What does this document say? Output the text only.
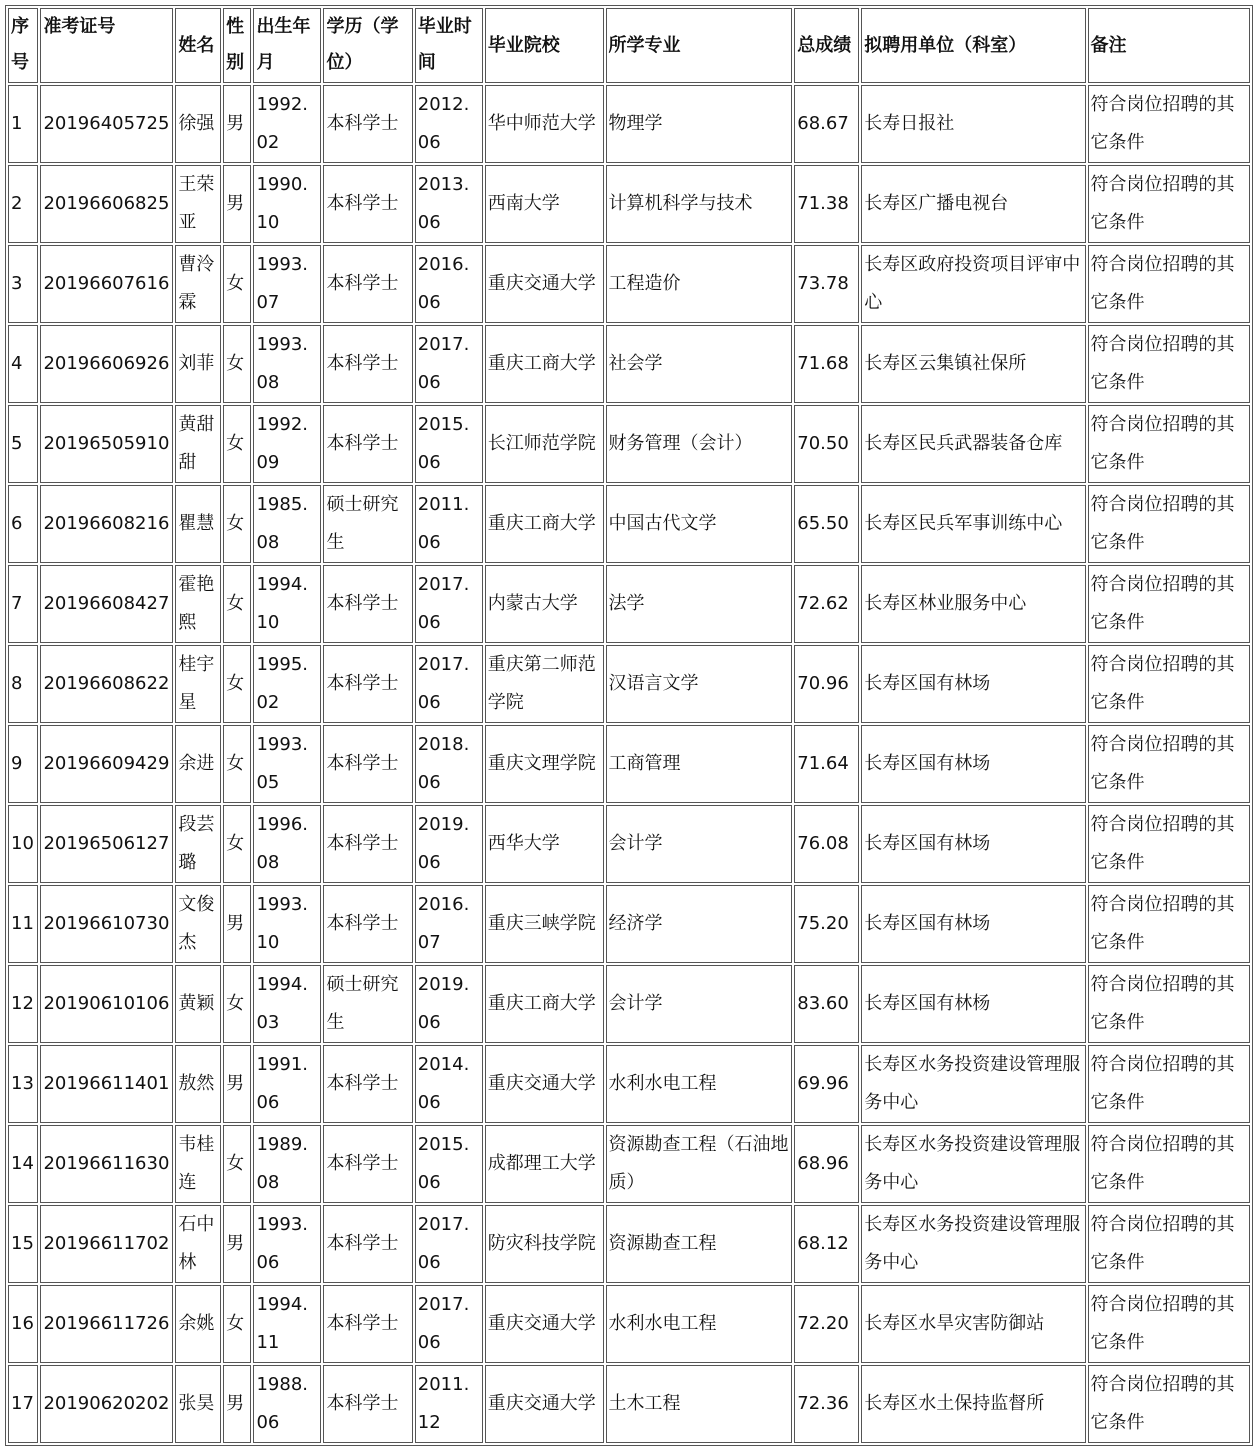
序号	准考证号	姓名	性别	出生年月	学历（学位）	毕业时间	毕业院校	所学专业	总成绩	拟聘用单位（科室）	备注
1	20196405725	徐强	男	1992.02	本科学士	2012.06	华中师范大学	物理学	68.67	长寿日报社	符合岗位招聘的其它条件
2	20196606825	王荣亚	男	1990.10	本科学士	2013.06	西南大学	计算机科学与技术	71.38	长寿区广播电视台	符合岗位招聘的其它条件
3	20196607616	曹泠霖	女	1993.07	本科学士	2016.06	重庆交通大学	工程造价	73.78	长寿区政府投资项目评审中心	符合岗位招聘的其它条件
4	20196606926	刘菲	女	1993.08	本科学士	2017.06	重庆工商大学	社会学	71.68	长寿区云集镇社保所	符合岗位招聘的其它条件
5	20196505910	黄甜甜	女	1992.09	本科学士	2015.06	长江师范学院	财务管理（会计）	70.50	长寿区民兵武器装备仓库	符合岗位招聘的其它条件
6	20196608216	瞿慧	女	1985.08	硕士研究生	2011.06	重庆工商大学	中国古代文学	65.50	长寿区民兵军事训练中心	符合岗位招聘的其它条件
7	20196608427	霍艳熙	女	1994.10	本科学士	2017.06	内蒙古大学	法学	72.62	长寿区林业服务中心	符合岗位招聘的其它条件
8	20196608622	桂宇星	女	1995.02	本科学士	2017.06	重庆第二师范学院	汉语言文学	70.96	长寿区国有林场	符合岗位招聘的其它条件
9	20196609429	余进	女	1993.05	本科学士	2018.06	重庆文理学院	工商管理	71.64	长寿区国有林场	符合岗位招聘的其它条件
10	20196506127	段芸璐	女	1996.08	本科学士	2019.06	西华大学	会计学	76.08	长寿区国有林场	符合岗位招聘的其它条件
11	20196610730	文俊杰	男	1993.10	本科学士	2016.07	重庆三峡学院	经济学	75.20	长寿区国有林场	符合岗位招聘的其它条件
12	20190610106	黄颖	女	1994.03	硕士研究生	2019.06	重庆工商大学	会计学	83.60	长寿区国有林杨	符合岗位招聘的其它条件
13	20196611401	敖然	男	1991.06	本科学士	2014.06	重庆交通大学	水利水电工程	69.96	长寿区水务投资建设管理服务中心	符合岗位招聘的其它条件
14	20196611630	韦桂连	女	1989.08	本科学士	2015.06	成都理工大学	资源勘查工程（石油地质）	68.96	长寿区水务投资建设管理服务中心	符合岗位招聘的其它条件
15	20196611702	石中林	男	1993.06	本科学士	2017.06	防灾科技学院	资源勘查工程	68.12	长寿区水务投资建设管理服务中心	符合岗位招聘的其它条件
16	20196611726	余姚	女	1994.11	本科学士	2017.06	重庆交通大学	水利水电工程	72.20	长寿区水旱灾害防御站	符合岗位招聘的其它条件
17	20190620202	张昊	男	1988.06	本科学士	2011.12	重庆交通大学	土木工程	72.36	长寿区水土保持监督所	符合岗位招聘的其它条件
